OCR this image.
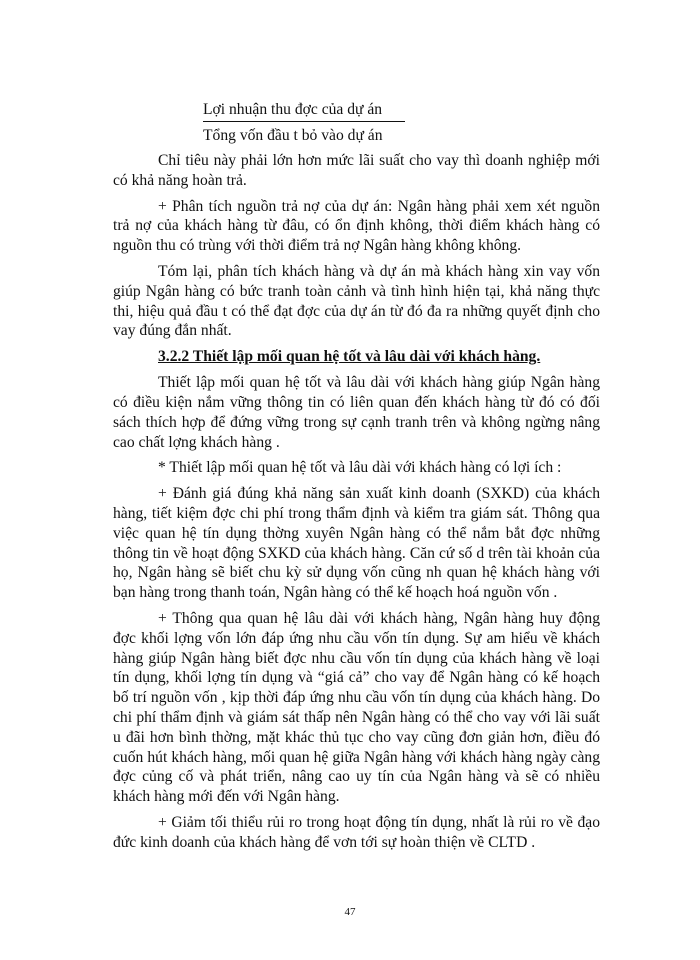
Lợi nhuận thu đợc của dự án
Tổng vốn đầu t bỏ vào dự án

Chỉ tiêu này phải lớn hơn mức lãi suất cho vay thì doanh nghiệp mới có khả năng hoàn trả.

+ Phân tích nguồn trả nợ của dự án: Ngân hàng phải xem xét nguồn trả nợ của khách hàng từ đâu, có ổn định không, thời điểm khách hàng có nguồn thu có trùng với thời điểm trả nợ Ngân hàng không không.

Tóm lại, phân tích khách hàng và dự án mà khách hàng xin vay vốn giúp Ngân hàng có bức tranh toàn cảnh và tình hình hiện tại, khả năng thực thi, hiệu quả đầu t có thể đạt đợc của dự án từ đó đa ra những quyết định cho vay đúng đắn nhất.

3.2.2 Thiết lập mối quan hệ tốt và lâu dài với khách hàng.

Thiết lập mối quan hệ tốt và lâu dài với khách hàng giúp Ngân hàng có điều kiện nắm vững thông tin có liên quan đến khách hàng từ đó có đối sách thích hợp để đứng vững trong sự cạnh tranh trên và không ngừng nâng cao chất lợng khách hàng .

* Thiết lập mối quan hệ tốt và lâu dài với khách hàng có lợi ích :

+ Đánh giá đúng khả năng sản xuất kinh doanh (SXKD) của khách hàng, tiết kiệm đợc chi phí trong thẩm định và kiểm tra giám sát. Thông qua việc quan hệ tín dụng thờng xuyên Ngân hàng có thể nắm bắt đợc những thông tin về hoạt động SXKD của khách hàng. Căn cứ số d trên tài khoản của họ, Ngân hàng sẽ biết chu kỳ sử dụng vốn cũng nh quan hệ khách hàng với bạn hàng trong thanh toán, Ngân hàng có thể kế hoạch hoá nguồn vốn .

+ Thông qua quan hệ lâu dài với khách hàng, Ngân hàng huy động đợc khối lợng vốn lớn đáp ứng nhu cầu vốn tín dụng. Sự am hiểu về khách hàng giúp Ngân hàng biết đợc nhu cầu vốn tín dụng của khách hàng về loại tín dụng, khối lợng tín dụng và “giá cả” cho vay để Ngân hàng có kế hoạch bố trí nguồn vốn , kịp thời đáp ứng nhu cầu vốn tín dụng của khách hàng. Do chi phí thẩm định và giám sát thấp nên Ngân hàng có thể cho vay với lãi suất u đãi hơn bình thờng, mặt khác thủ tục cho vay cũng đơn giản hơn, điều đó cuốn hút khách hàng, mối quan hệ giữa Ngân hàng với khách hàng ngày càng đợc củng cố và phát triển, nâng cao uy tín của Ngân hàng và sẽ có nhiều khách hàng mới đến với Ngân hàng.

+ Giảm tối thiểu rủi ro trong hoạt động tín dụng, nhất là rủi ro về đạo đức kinh doanh của khách hàng để vơn tới sự hoàn thiện về CLTD .

47
